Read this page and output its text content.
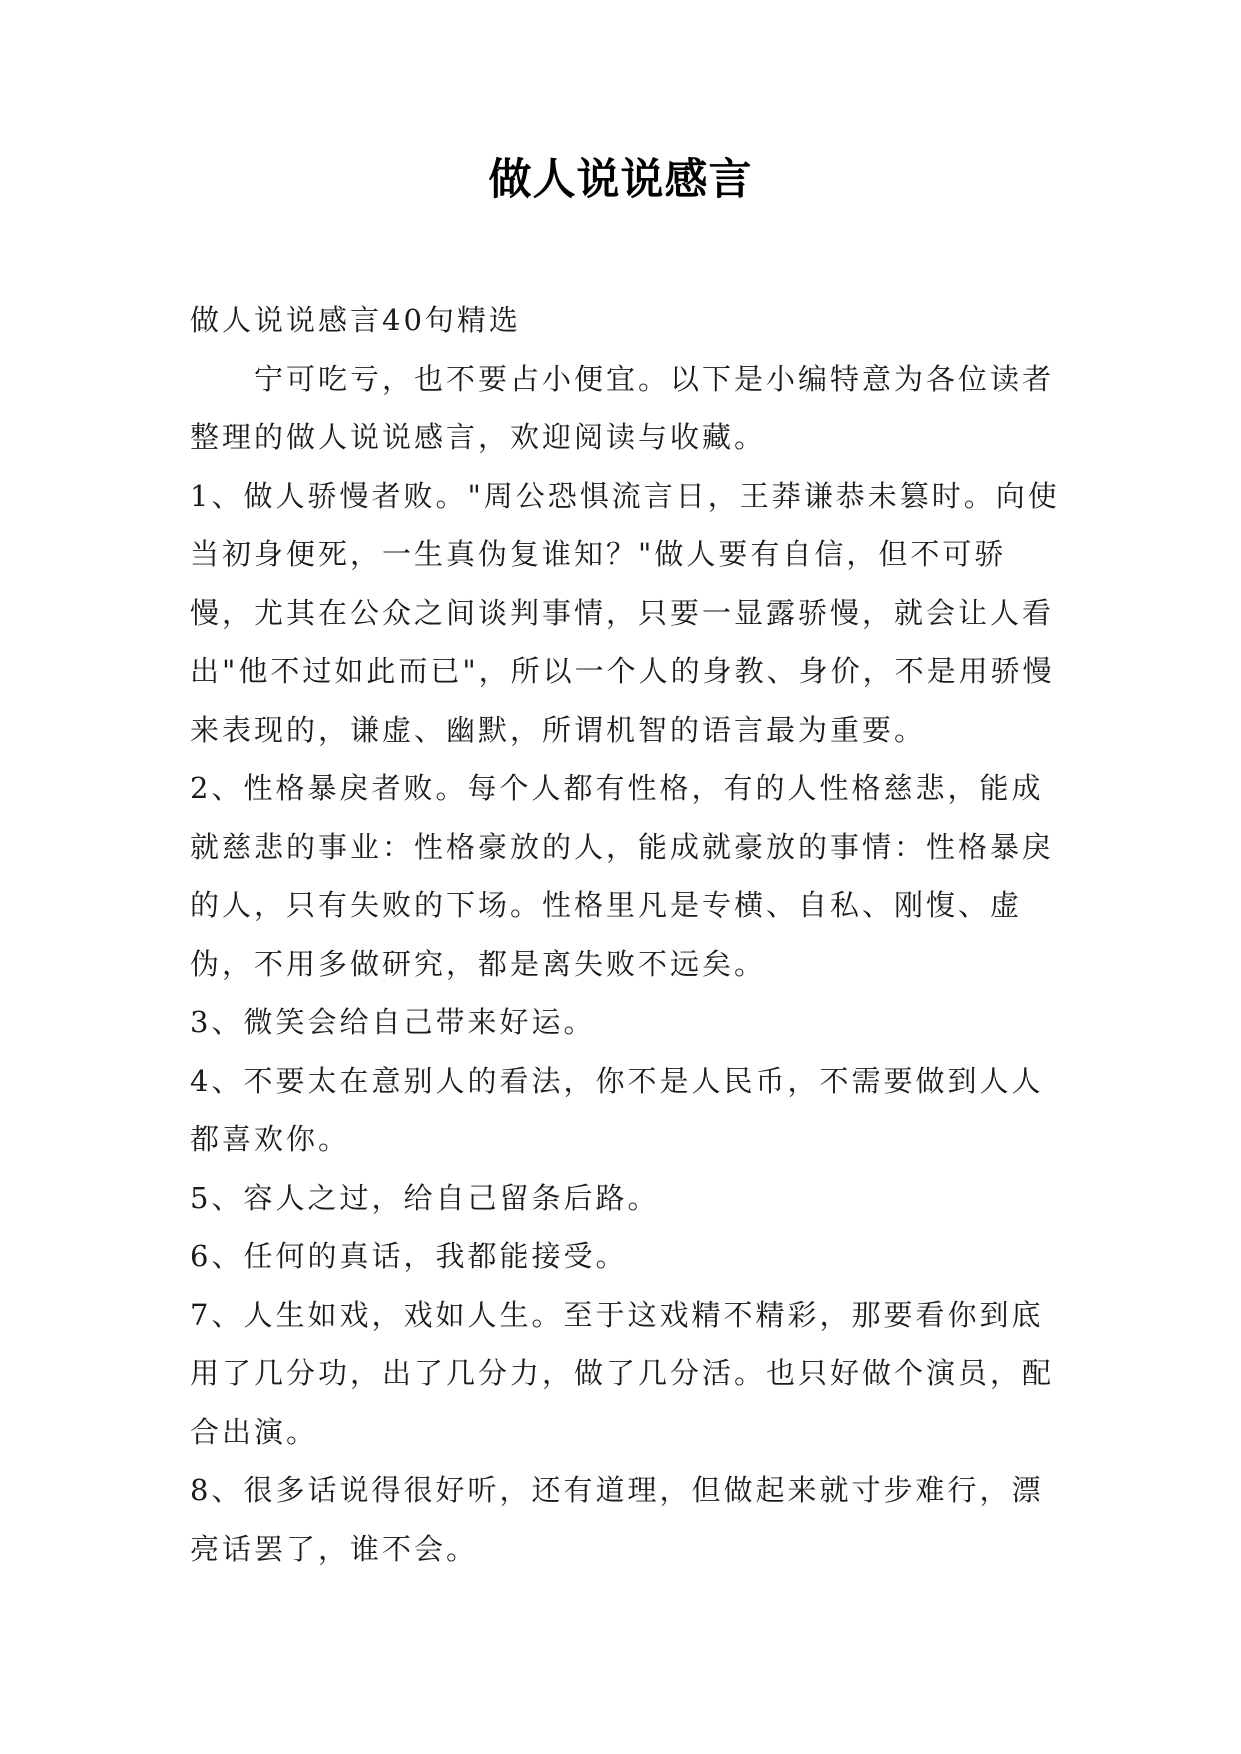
做人说说感言

做人说说感言40句精选

宁可吃亏，也不要占小便宜。以下是小编特意为各位读者整理的做人说说感言，欢迎阅读与收藏。

1、做人骄慢者败。"周公恐惧流言日，王莽谦恭未篡时。向使当初身便死，一生真伪复谁知？"做人要有自信，但不可骄慢，尤其在公众之间谈判事情，只要一显露骄慢，就会让人看出"他不过如此而已"，所以一个人的身教、身价，不是用骄慢来表现的，谦虚、幽默，所谓机智的语言最为重要。

2、性格暴戾者败。每个人都有性格，有的人性格慈悲，能成就慈悲的事业：性格豪放的人，能成就豪放的事情：性格暴戾的人，只有失败的下场。性格里凡是专横、自私、刚愎、虚伪，不用多做研究，都是离失败不远矣。

3、微笑会给自己带来好运。

4、不要太在意别人的看法，你不是人民币，不需要做到人人都喜欢你。

5、容人之过，给自己留条后路。

6、任何的真话，我都能接受。

7、人生如戏，戏如人生。至于这戏精不精彩，那要看你到底用了几分功，出了几分力，做了几分活。也只好做个演员，配合出演。

8、很多话说得很好听，还有道理，但做起来就寸步难行，漂亮话罢了，谁不会。
